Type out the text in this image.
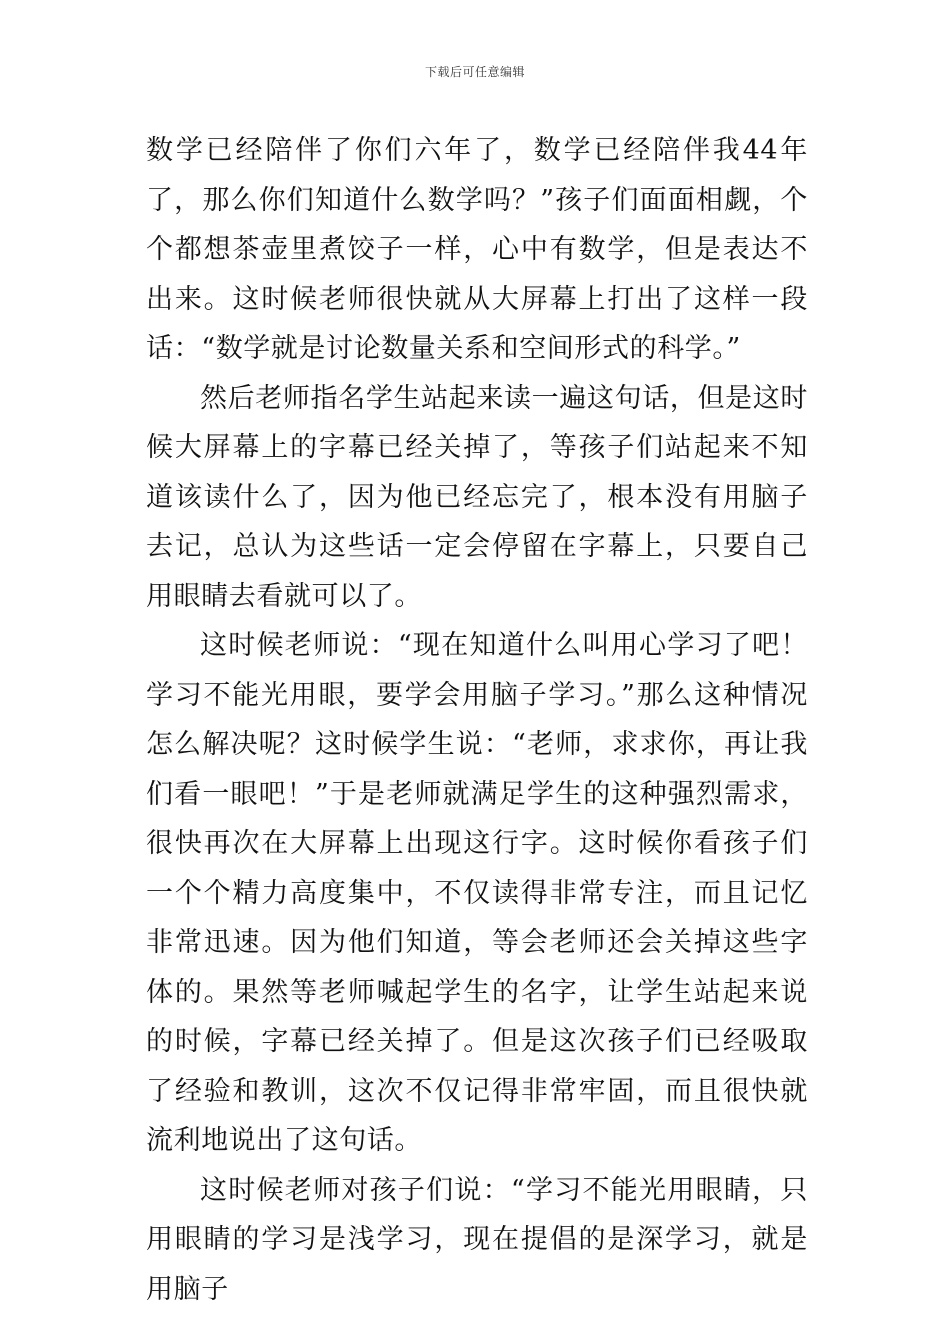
下载后可任意编辑

数学已经陪伴了你们六年了，数学已经陪伴我44年了，那么你们知道什么数学吗？”孩子们面面相觑，个个都想茶壶里煮饺子一样，心中有数学，但是表达不出来。这时候老师很快就从大屏幕上打出了这样一段话：“数学就是讨论数量关系和空间形式的科学。”

然后老师指名学生站起来读一遍这句话，但是这时候大屏幕上的字幕已经关掉了，等孩子们站起来不知道该读什么了，因为他已经忘完了，根本没有用脑子去记，总认为这些话一定会停留在字幕上，只要自己用眼睛去看就可以了。

这时候老师说：“现在知道什么叫用心学习了吧！学习不能光用眼，要学会用脑子学习。”那么这种情况怎么解决呢？这时候学生说：“老师，求求你，再让我们看一眼吧！”于是老师就满足学生的这种强烈需求，很快再次在大屏幕上出现这行字。这时候你看孩子们一个个精力高度集中，不仅读得非常专注，而且记忆非常迅速。因为他们知道，等会老师还会关掉这些字体的。果然等老师喊起学生的名字，让学生站起来说的时候，字幕已经关掉了。但是这次孩子们已经吸取了经验和教训，这次不仅记得非常牢固，而且很快就流利地说出了这句话。

这时候老师对孩子们说：“学习不能光用眼睛，只用眼睛的学习是浅学习，现在提倡的是深学习，就是用脑子
